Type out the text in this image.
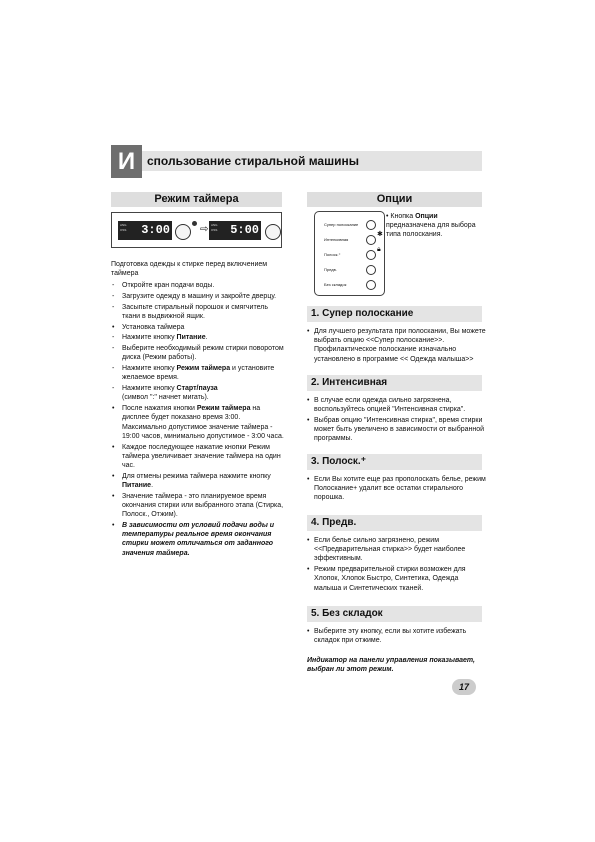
И спользование стиральной машины
Режим таймера
ANG
OSS 3:00	⇨ ANG
OSS 5:00
Подготовка одежды к стирке перед включением таймера
- Откройте кран подачи воды.
- Загрузите одежду в машину и закройте дверцу.
- Засыпьте стиральный порошок и смягчитель ткани в выдвижной ящик.
• Установка таймера
- Нажмите кнопку Питание.
- Выберите необходимый режим стирки поворотом диска (Режим работы).
- Нажмите кнопку Режим таймера и установите желаемое время.
- Нажмите кнопку Старт/пауза
(символ ":" начнет мигать).
• После нажатия кнопки Режим таймера на дисплее будет показано время 3:00. Максимально допустимое значение таймера - 19:00 часов, минимально допустимое - 3:00 часа.
• Каждое последующее нажатие кнопки Режим таймера увеличивает значение таймера на один час.
• Для отмены режима таймера нажмите кнопку Питание.
• Значение таймера - это планируемое время окончания стирки или выбранного этапа (Стирка, Полоск., Отжим).
• В зависимости от условий подачи воды и температуры реальное время окончания стирки может отличаться от заданного значения таймера.
Опции
Супер полоскание
Интенсивная
✱
Полоск.⁺
🔒︎
Предв.
Без складок
• Кнопка Опции предназначена для выбора типа полоскания.
1. Супер полоскание
• Для лучшего результата при полоскании, Вы можете выбрать опцию <<Супер полоскание>>. Профилактическое полоскание изначально установлено в программе << Одежда малыша>>
2. Интенсивная
• В случае если одежда сильно загрязнена, воспользуйтесь опцией "Интенсивная стирка".
• Выбрав опцию "Интенсивная стирка", время стирки может быть увеличено в зависимости от выбранной программы.
3. Полоск.⁺
• Если Вы хотите еще раз прополоскать белье, режим Полоскание+ удалит все остатки стирального порошка.
4. Предв.
• Если белье сильно загрязнено, режим <<Предварительная стирка>> будет наиболее эффективным.
• Режим предварительной стирки возможен для Хлопок, Хлопок Быстро, Синтетика, Одежда малыша и Синтетических тканей.
5. Без складок
• Выберите эту кнопку, если вы хотите избежать складок при отжиме.
17
Индикатор на панели управления показывает, выбран ли этот режим.
